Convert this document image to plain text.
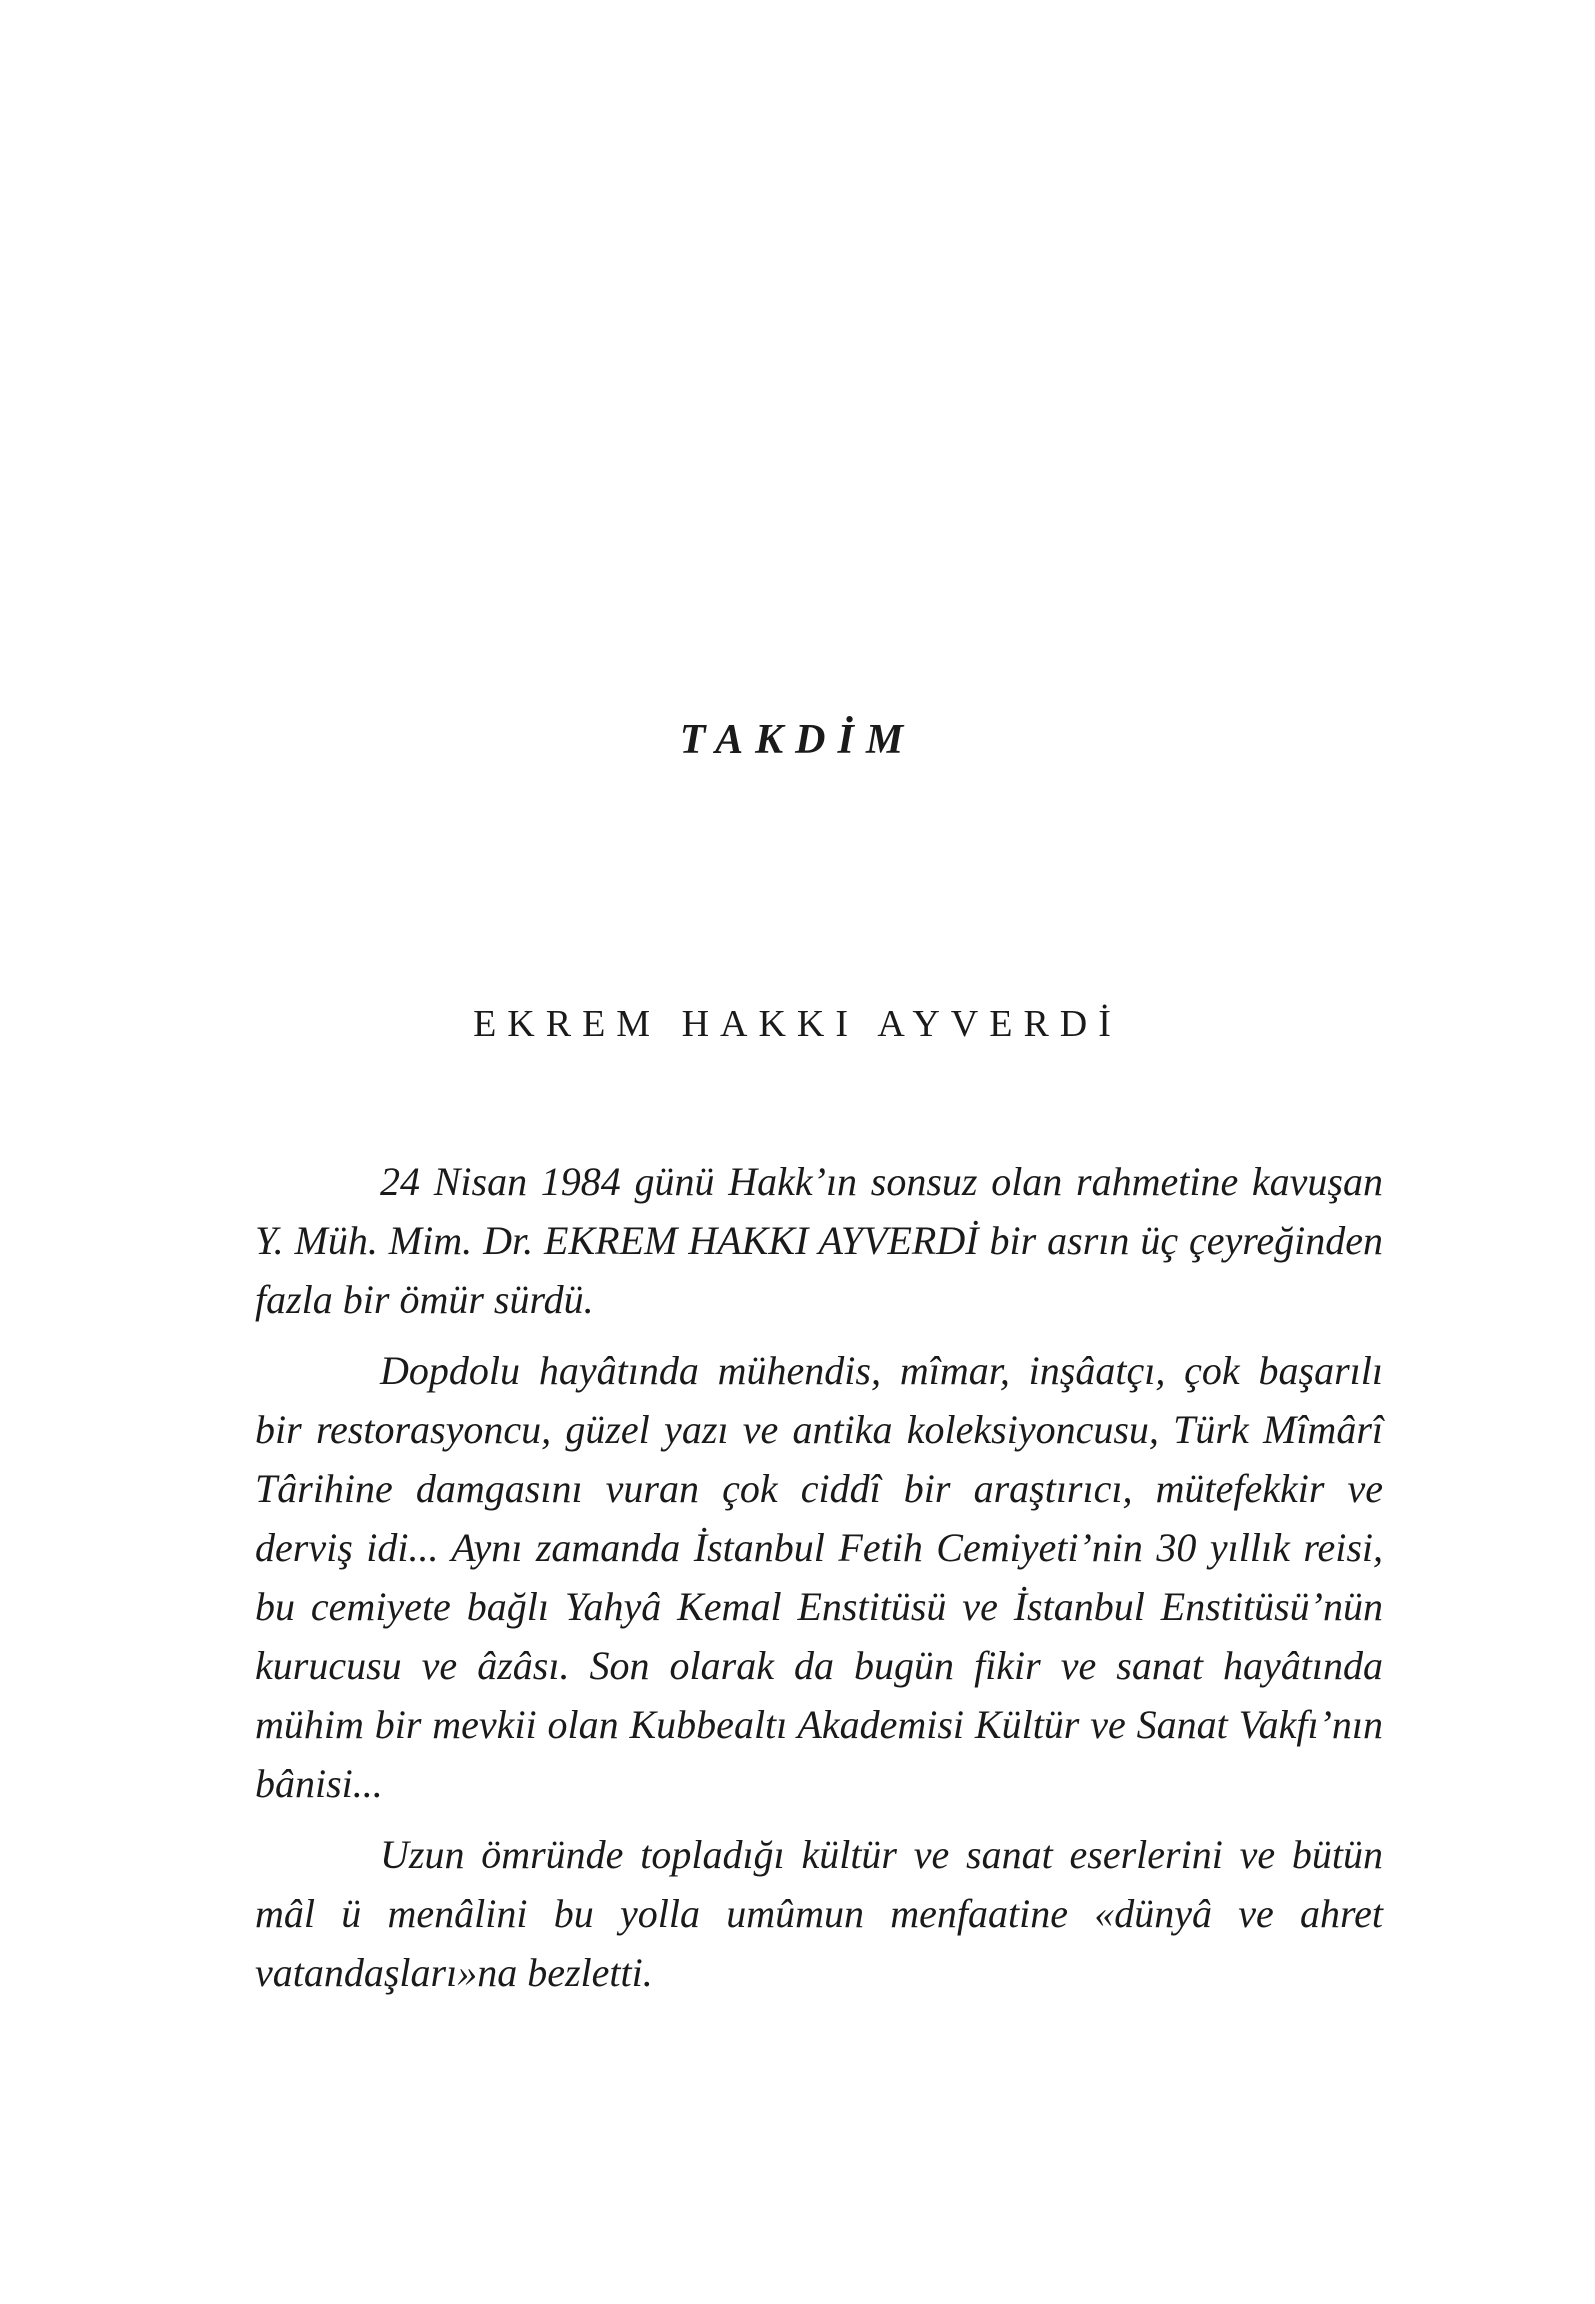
TAKDİM
EKREM HAKKI AYVERDİ

24 Nisan 1984 günü Hakk’ın sonsuz olan rahmetine kavuşan Y. Müh. Mim. Dr. EKREM HAKKI AYVERDİ bir asrın üç çeyreğinden fazla bir ömür sürdü.

Dopdolu hayâtında mühendis, mîmar, inşâatçı, çok başarılı bir restorasyoncu, güzel yazı ve antika koleksiyoncusu, Türk Mîmârî Târihine damgasını vuran çok ciddî bir araştırıcı, mütefekkir ve derviş idi... Aynı zamanda İstanbul Fetih Cemiyeti’nin 30 yıllık reisi, bu cemiyete bağlı Yahyâ Kemal Enstitüsü ve İstanbul Enstitüsü’nün kurucusu ve âzâsı. Son olarak da bugün fikir ve sanat hayâtında mühim bir mevkii olan Kubbealtı Akademisi Kültür ve Sanat Vakfı’nın bânisi...

Uzun ömründe topladığı kültür ve sanat eserlerini ve bütün mâl ü menâlini bu yolla umûmun menfaatine «dünyâ ve ahret vatandaşları»na bezletti.
